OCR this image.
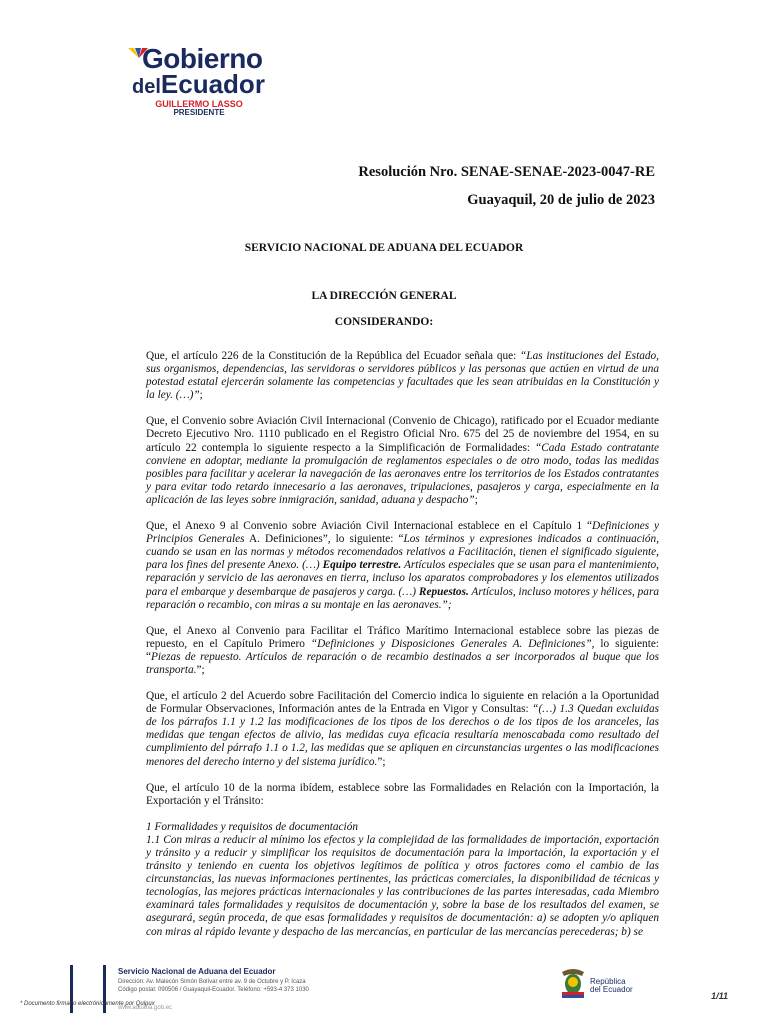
Gobierno
delEcuador
GUILLERMO LASSO
PRESIDENTE
Resolución Nro. SENAE-SENAE-2023-0047-RE
Guayaquil, 20 de julio de 2023
SERVICIO NACIONAL DE ADUANA DEL ECUADOR
LA DIRECCIÓN GENERAL
CONSIDERANDO:

Que, el artículo 226 de la Constitución de la República del Ecuador señala que: “Las instituciones del Estado, sus organismos, dependencias, las servidoras o servidores públicos y las personas que actúen en virtud de una potestad estatal ejercerán solamente las competencias y facultades que les sean atribuidas en la Constitución y la ley. (…)”;

Que, el Convenio sobre Aviación Civil Internacional (Convenio de Chicago), ratificado por el Ecuador mediante Decreto Ejecutivo Nro. 1110 publicado en el Registro Oficial Nro. 675 del 25 de noviembre del 1954, en su artículo 22 contempla lo siguiente respecto a la Simplificación de Formalidades: “Cada Estado contratante conviene en adoptar, mediante la promulgación de reglamentos especiales o de otro modo, todas las medidas posibles para facilitar y acelerar la navegación de las aeronaves entre los territorios de los Estados contratantes y para evitar todo retardo innecesario a las aeronaves, tripulaciones, pasajeros y carga, especialmente en la aplicación de las leyes sobre inmigración, sanidad, aduana y despacho”;

Que, el Anexo 9 al Convenio sobre Aviación Civil Internacional establece en el Capítulo 1 “Definiciones y Principios Generales A. Definiciones”, lo siguiente: “Los términos y expresiones indicados a continuación, cuando se usan en las normas y métodos recomendados relativos a Facilitación, tienen el significado siguiente, para los fines del presente Anexo. (…) Equipo terrestre. Artículos especiales que se usan para el mantenimiento, reparación y servicio de las aeronaves en tierra, incluso los aparatos comprobadores y los elementos utilizados para el embarque y desembarque de pasajeros y carga. (…) Repuestos. Artículos, incluso motores y hélices, para reparación o recambio, con miras a su montaje en las aeronaves.”;

Que, el Anexo al Convenio para Facilitar el Tráfico Marítimo Internacional establece sobre las piezas de repuesto, en el Capítulo Primero “Definiciones y Disposiciones Generales A. Definiciones”, lo siguiente: “Piezas de repuesto. Artículos de reparación o de recambio destinados a ser incorporados al buque que los transporta.”;

Que, el artículo 2 del Acuerdo sobre Facilitación del Comercio indica lo siguiente en relación a la Oportunidad de Formular Observaciones, Información antes de la Entrada en Vigor y Consultas: “(…) 1.3 Quedan excluidas de los párrafos 1.1 y 1.2 las modificaciones de los tipos de los derechos o de los tipos de los aranceles, las medidas que tengan efectos de alivio, las medidas cuya eficacia resultaría menoscabada como resultado del cumplimiento del párrafo 1.1 o 1.2, las medidas que se apliquen en circunstancias urgentes o las modificaciones menores del derecho interno y del sistema jurídico.”;

Que, el artículo 10 de la norma ibídem, establece sobre las Formalidades en Relación con la Importación, la Exportación y el Tránsito:

1 Formalidades y requisitos de documentación
1.1 Con miras a reducir al mínimo los efectos y la complejidad de las formalidades de importación, exportación y tránsito y a reducir y simplificar los requisitos de documentación para la importación, la exportación y el tránsito y teniendo en cuenta los objetivos legítimos de política y otros factores como el cambio de las circunstancias, las nuevas informaciones pertinentes, las prácticas comerciales, la disponibilidad de técnicas y tecnologías, las mejores prácticas internacionales y las contribuciones de las partes interesadas, cada Miembro examinará tales formalidades y requisitos de documentación y, sobre la base de los resultados del examen, se asegurará, según proceda, de que esas formalidades y requisitos de documentación: a) se adopten y/o apliquen con miras al rápido levante y despacho de las mercancías, en particular de las mercancías perecederas; b) se

Servicio Nacional de Aduana del Ecuador
Dirección: Av. Malecón Simón Bolívar entre av. 9 de Octubre y P. Icaza
Código postal: 090506 / Guayaquil-Ecuador. Teléfono: +593-4 373 1030
www.aduana.gob.ec
República
del Ecuador
1/11
* Documento firmado electrónicamente por Quipux
